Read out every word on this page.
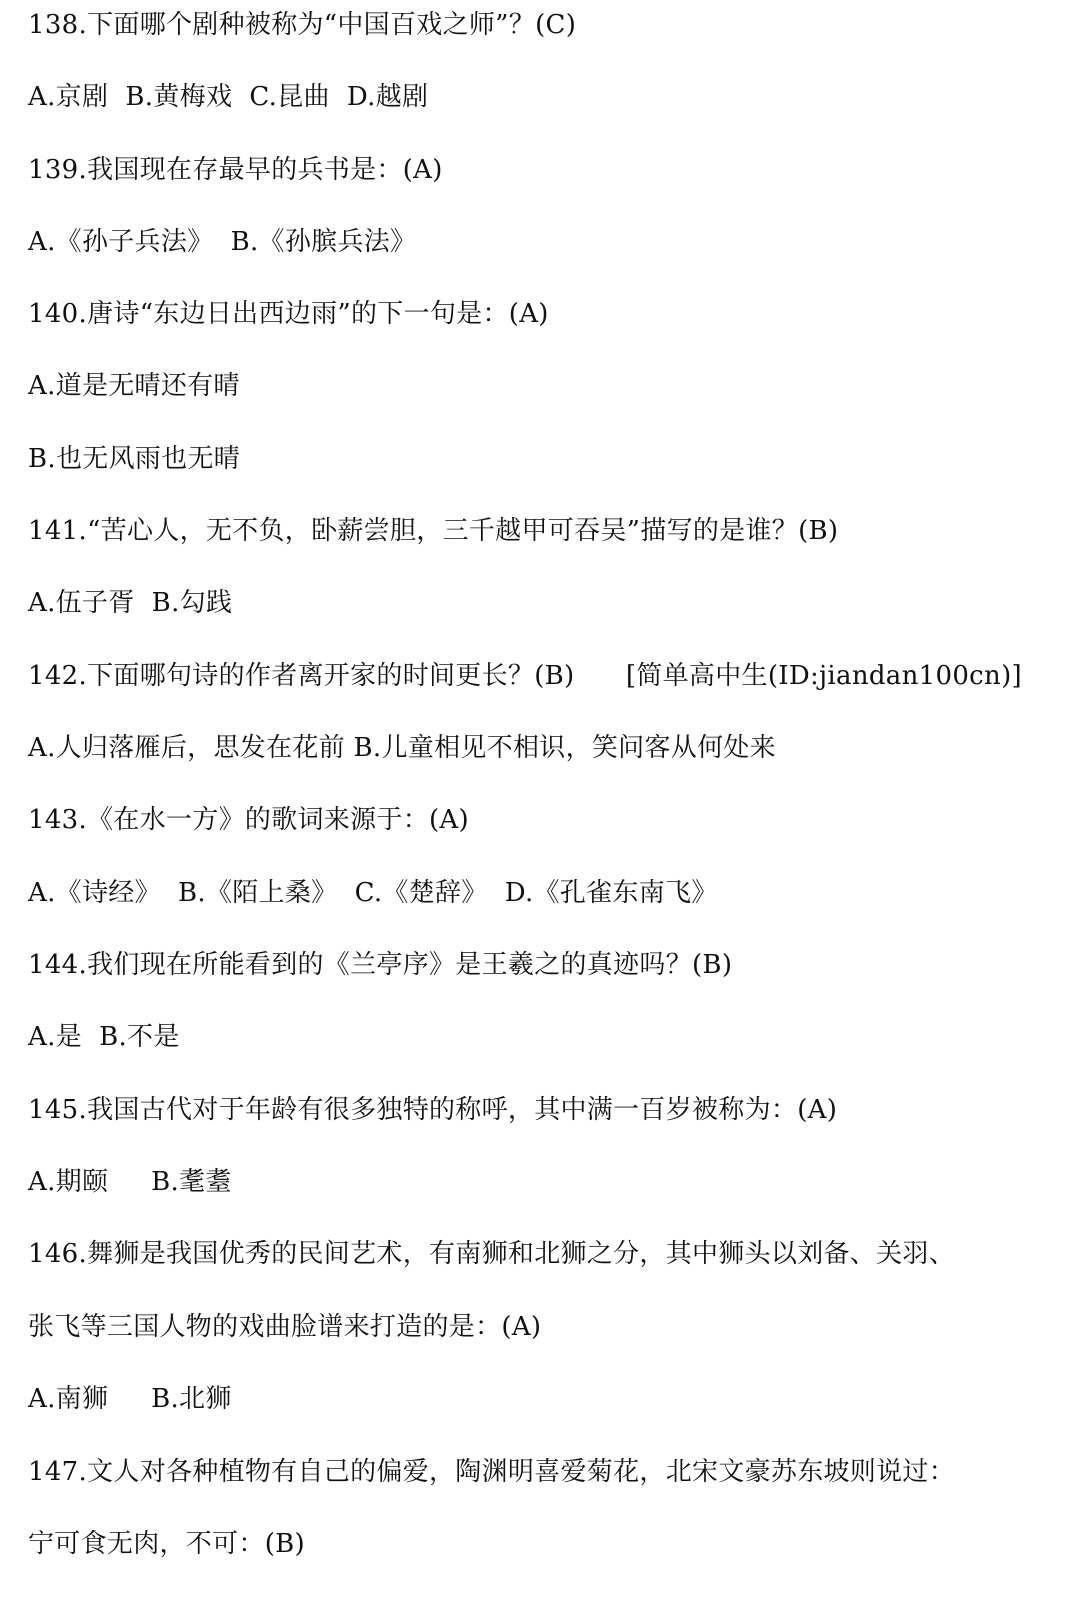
138.下面哪个剧种被称为“中国百戏之师”？(C)
A.京剧  B.黄梅戏  C.昆曲  D.越剧
139.我国现在存最早的兵书是：(A)
A.《孙子兵法》  B.《孙膑兵法》
140.唐诗“东边日出西边雨”的下一句是：(A)
A.道是无晴还有晴
B.也无风雨也无晴
141.“苦心人，无不负，卧薪尝胆，三千越甲可吞吴”描写的是谁？(B)
A.伍子胥  B.勾践
142.下面哪句诗的作者离开家的时间更长？(B)      [简单高中生(ID:jiandan100cn)]
A.人归落雁后，思发在花前 B.儿童相见不相识，笑问客从何处来
143.《在水一方》的歌词来源于：(A)
A.《诗经》  B.《陌上桑》  C.《楚辞》  D.《孔雀东南飞》
144.我们现在所能看到的《兰亭序》是王羲之的真迹吗？(B)
A.是  B.不是
145.我国古代对于年龄有很多独特的称呼，其中满一百岁被称为：(A)
A.期颐     B.耄耋
146.舞狮是我国优秀的民间艺术，有南狮和北狮之分，其中狮头以刘备、关羽、
张飞等三国人物的戏曲脸谱来打造的是：(A)
A.南狮     B.北狮
147.文人对各种植物有自己的偏爱，陶渊明喜爱菊花，北宋文豪苏东坡则说过：
宁可食无肉，不可：(B)
